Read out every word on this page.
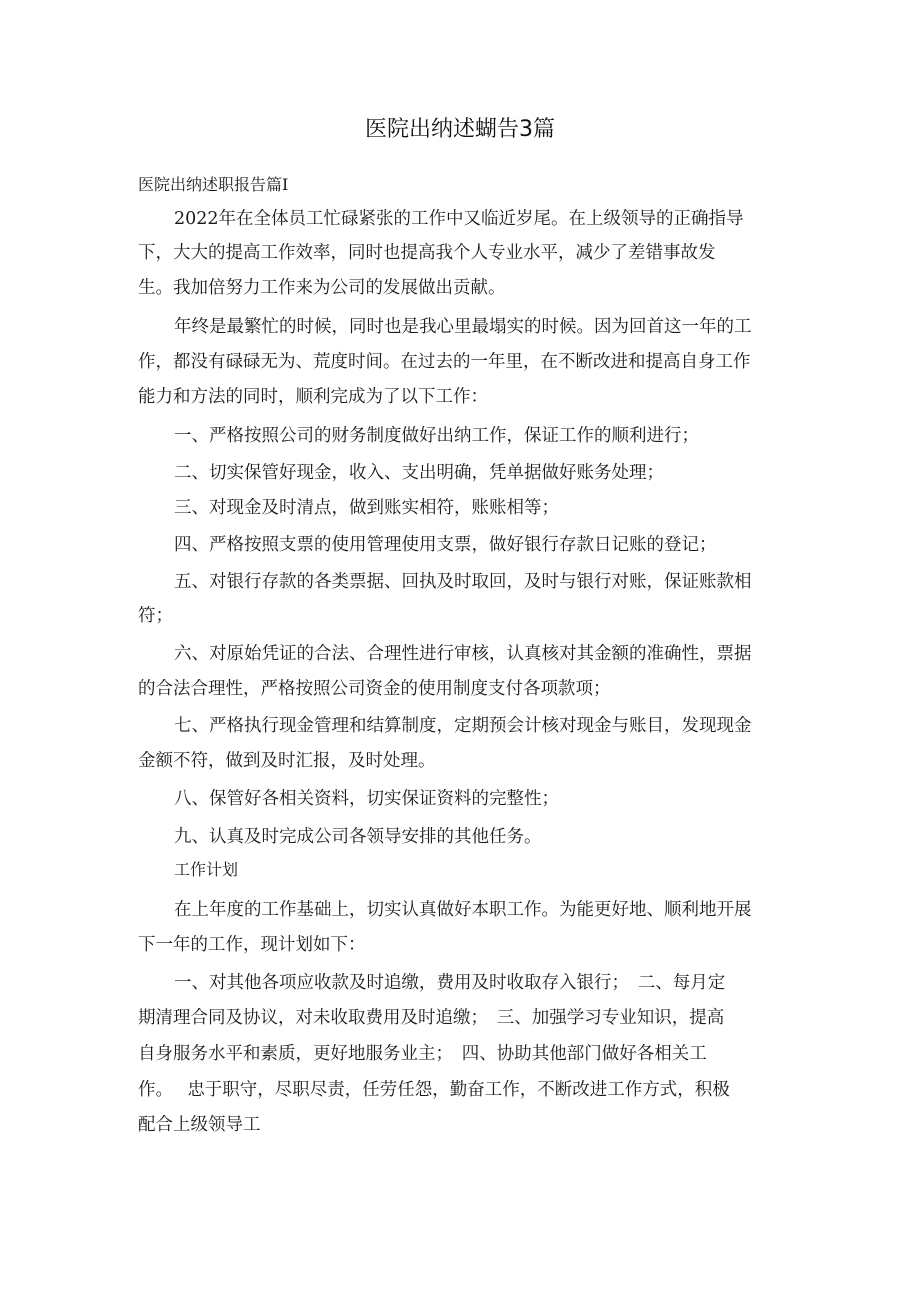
医院出纳述蝴告3篇
医院出纳述职报告篇I
2022年在全体员工忙碌紧张的工作中又临近岁尾。在上级领导的正确指导
下，大大的提高工作效率，同时也提高我个人专业水平，减少了差错事故发
生。我加倍努力工作来为公司的发展做出贡献。
年终是最繁忙的时候，同时也是我心里最塌实的时候。因为回首这一年的工
作，都没有碌碌无为、荒度时间。在过去的一年里，在不断改进和提高自身工作
能力和方法的同时，顺利完成为了以下工作：
一、严格按照公司的财务制度做好出纳工作，保证工作的顺利进行；
二、切实保管好现金，收入、支出明确，凭单据做好账务处理；
三、对现金及时清点，做到账实相符，账账相等；
四、严格按照支票的使用管理使用支票，做好银行存款日记账的登记；
五、对银行存款的各类票据、回执及时取回，及时与银行对账，保证账款相
符；
六、对原始凭证的合法、合理性进行审核，认真核对其金额的准确性，票据
的合法合理性，严格按照公司资金的使用制度支付各项款项；
七、严格执行现金管理和结算制度，定期预会计核对现金与账目，发现现金
金额不符，做到及时汇报，及时处理。
八、保管好各相关资料，切实保证资料的完整性；
九、认真及时完成公司各领导安排的其他任务。
工作计划
在上年度的工作基础上，切实认真做好本职工作。为能更好地、顺利地开展
下一年的工作，现计划如下：
一、对其他各项应收款及时追缴，费用及时收取存入银行；　二、每月定
期清理合同及协议，对未收取费用及时追缴；　三、加强学习专业知识，提高
自身服务水平和素质，更好地服务业主；　四、协助其他部门做好各相关工
作。　 忠于职守，尽职尽责，任劳任怨，勤奋工作，不断改进工作方式，积极
配合上级领导工
